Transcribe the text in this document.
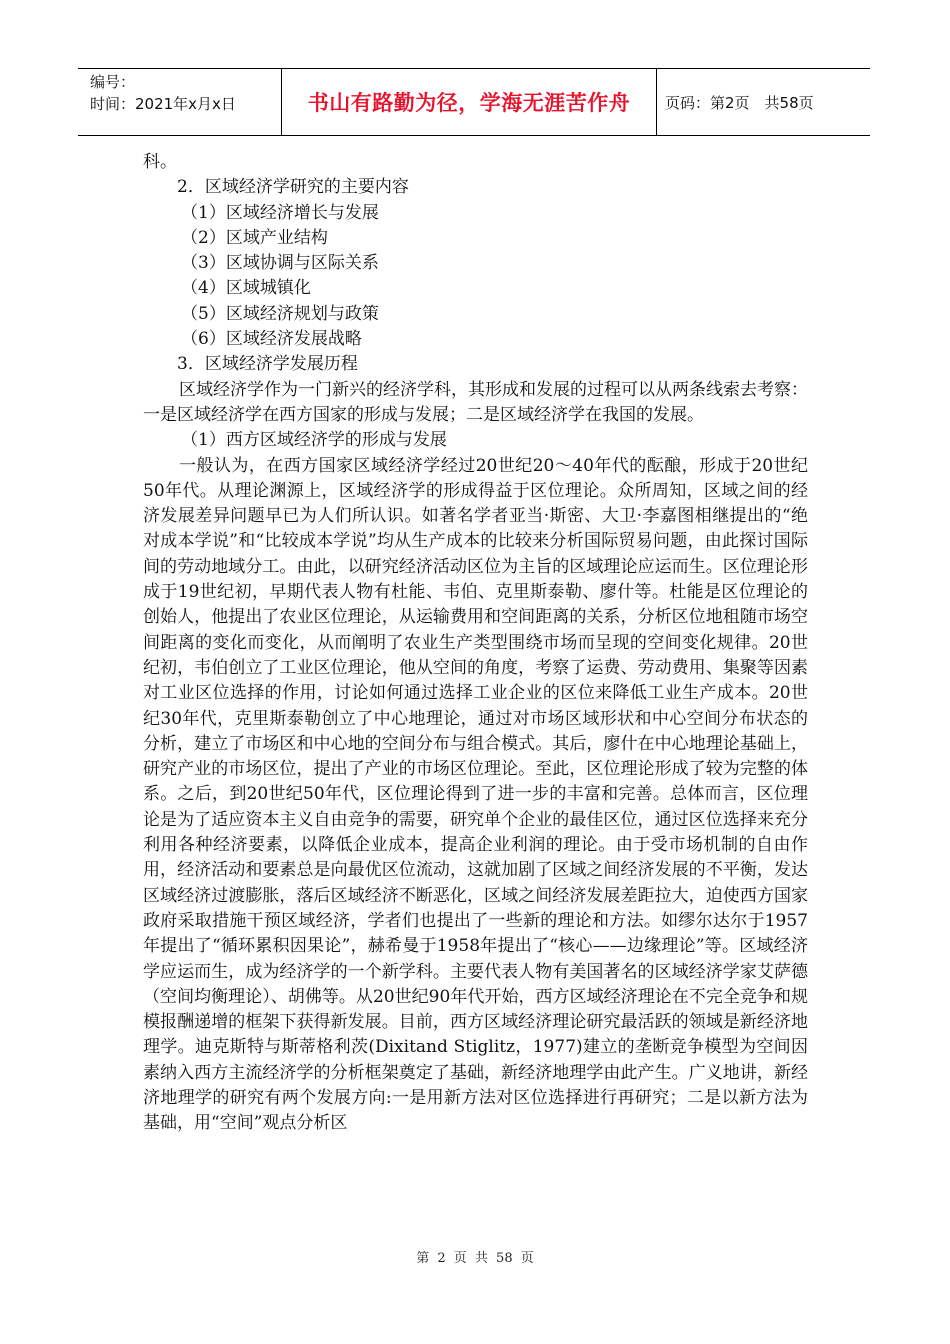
编号：
时间：2021年x月x日	书山有路勤为径，学海无涯苦作舟	页码：第2页　共58页

科。

2．区域经济学研究的主要内容

（1）区域经济增长与发展

（2）区域产业结构

（3）区域协调与区际关系

（4）区域城镇化

（5）区域经济规划与政策

（6）区域经济发展战略

3．区域经济学发展历程

区域经济学作为一门新兴的经济学科，其形成和发展的过程可以从两条线索去考察：一是区域经济学在西方国家的形成与发展；二是区域经济学在我国的发展。

（1）西方区域经济学的形成与发展

一般认为，在西方国家区域经济学经过20世纪20～40年代的酝酿，形成于20世纪50年代。从理论渊源上，区域经济学的形成得益于区位理论。众所周知，区域之间的经济发展差异问题早已为人们所认识。如著名学者亚当·斯密、大卫·李嘉图相继提出的“绝对成本学说”和“比较成本学说”均从生产成本的比较来分析国际贸易问题，由此探讨国际间的劳动地域分工。由此，以研究经济活动区位为主旨的区域理论应运而生。区位理论形成于19世纪初，早期代表人物有杜能、韦伯、克里斯泰勒、廖什等。杜能是区位理论的创始人，他提出了农业区位理论，从运输费用和空间距离的关系，分析区位地租随市场空间距离的变化而变化，从而阐明了农业生产类型围绕市场而呈现的空间变化规律。20世纪初，韦伯创立了工业区位理论，他从空间的角度，考察了运费、劳动费用、集聚等因素对工业区位选择的作用，讨论如何通过选择工业企业的区位来降低工业生产成本。20世纪30年代，克里斯泰勒创立了中心地理论，通过对市场区域形状和中心空间分布状态的分析，建立了市场区和中心地的空间分布与组合模式。其后，廖什在中心地理论基础上，研究产业的市场区位，提出了产业的市场区位理论。至此，区位理论形成了较为完整的体系。之后，到20世纪50年代，区位理论得到了进一步的丰富和完善。总体而言，区位理论是为了适应资本主义自由竞争的需要，研究单个企业的最佳区位，通过区位选择来充分利用各种经济要素，以降低企业成本，提高企业利润的理论。由于受市场机制的自由作用，经济活动和要素总是向最优区位流动，这就加剧了区域之间经济发展的不平衡，发达区域经济过渡膨胀，落后区域经济不断恶化，区域之间经济发展差距拉大，迫使西方国家政府采取措施干预区域经济，学者们也提出了一些新的理论和方法。如缪尔达尔于1957年提出了“循环累积因果论”，赫希曼于1958年提出了“核心——边缘理论”等。区域经济学应运而生，成为经济学的一个新学科。主要代表人物有美国著名的区域经济学家艾萨德（空间均衡理论）、胡佛等。从20世纪90年代开始，西方区域经济理论在不完全竞争和规模报酬递增的框架下获得新发展。目前，西方区域经济理论研究最活跃的领域是新经济地理学。迪克斯特与斯蒂格利茨(Dixitand Stiglitz，1977)建立的垄断竞争模型为空间因素纳入西方主流经济学的分析框架奠定了基础，新经济地理学由此产生。广义地讲，新经济地理学的研究有两个发展方向:一是用新方法对区位选择进行再研究；二是以新方法为基础，用“空间”观点分析区

第 2 页 共 58 页
